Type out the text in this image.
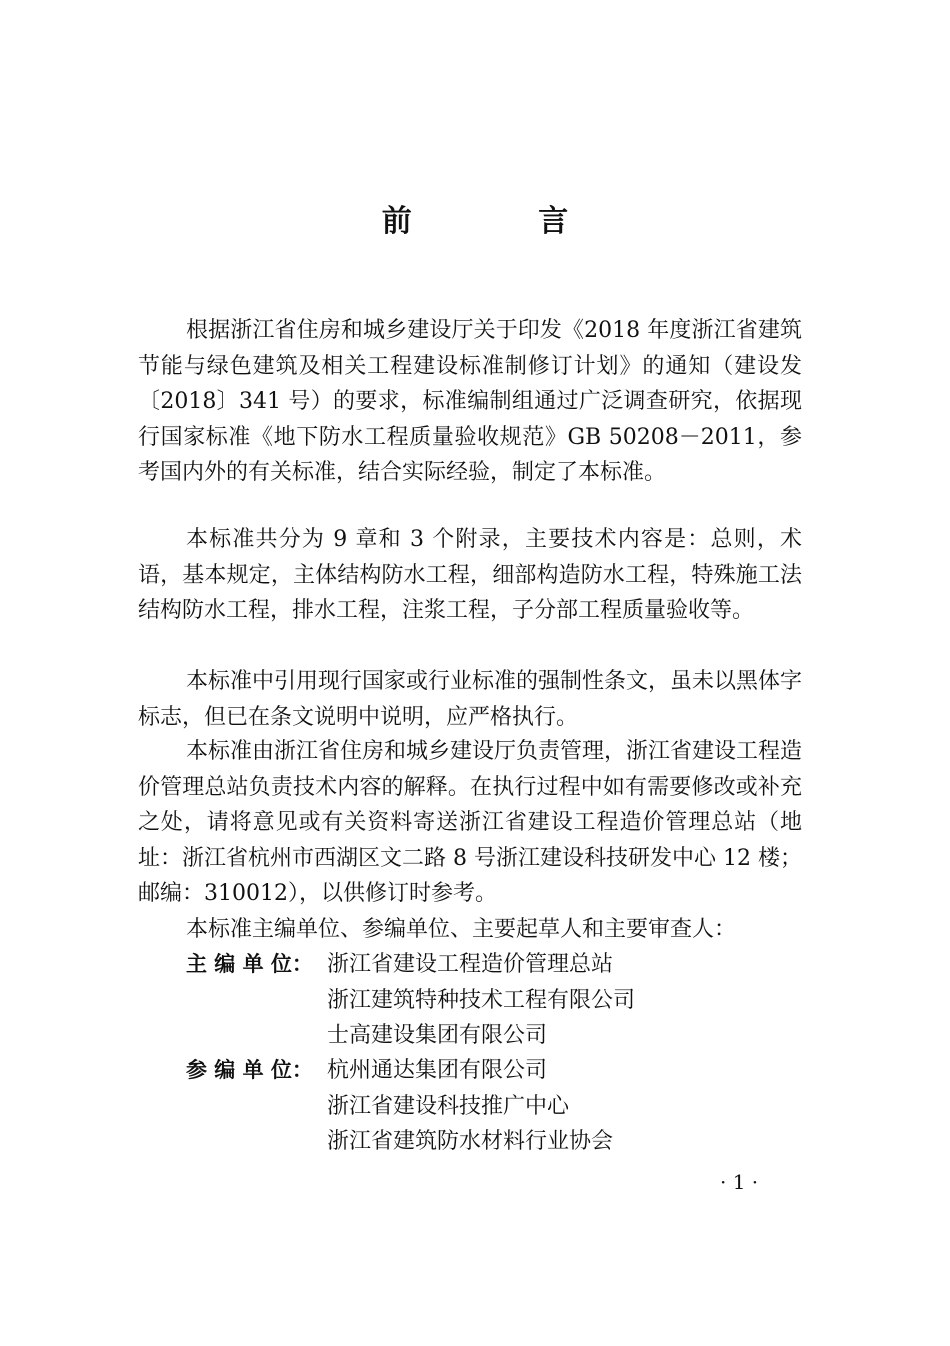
前 言

根据浙江省住房和城乡建设厅关于印发《2018 年度浙江省建筑节能与绿色建筑及相关工程建设标准制修订计划》的通知（建设发〔2018〕341 号）的要求，标准编制组通过广泛调查研究，依据现行国家标准《地下防水工程质量验收规范》GB 50208－2011，参考国内外的有关标准，结合实际经验，制定了本标准。

本标准共分为 9 章和 3 个附录，主要技术内容是：总则，术语，基本规定，主体结构防水工程，细部构造防水工程，特殊施工法结构防水工程，排水工程，注浆工程，子分部工程质量验收等。

本标准中引用现行国家或行业标准的强制性条文，虽未以黑体字标志，但已在条文说明中说明，应严格执行。

本标准由浙江省住房和城乡建设厅负责管理，浙江省建设工程造价管理总站负责技术内容的解释。在执行过程中如有需要修改或补充之处，请将意见或有关资料寄送浙江省建设工程造价管理总站（地址：浙江省杭州市西湖区文二路 8 号浙江建设科技研发中心 12 楼；邮编：310012），以供修订时参考。

本标准主编单位、参编单位、主要起草人和主要审查人：

主 编 单 位： 浙江省建设工程造价管理总站
浙江建筑特种技术工程有限公司
士高建设集团有限公司
参 编 单 位： 杭州通达集团有限公司
浙江省建设科技推广中心
浙江省建筑防水材料行业协会
· 1 ·
